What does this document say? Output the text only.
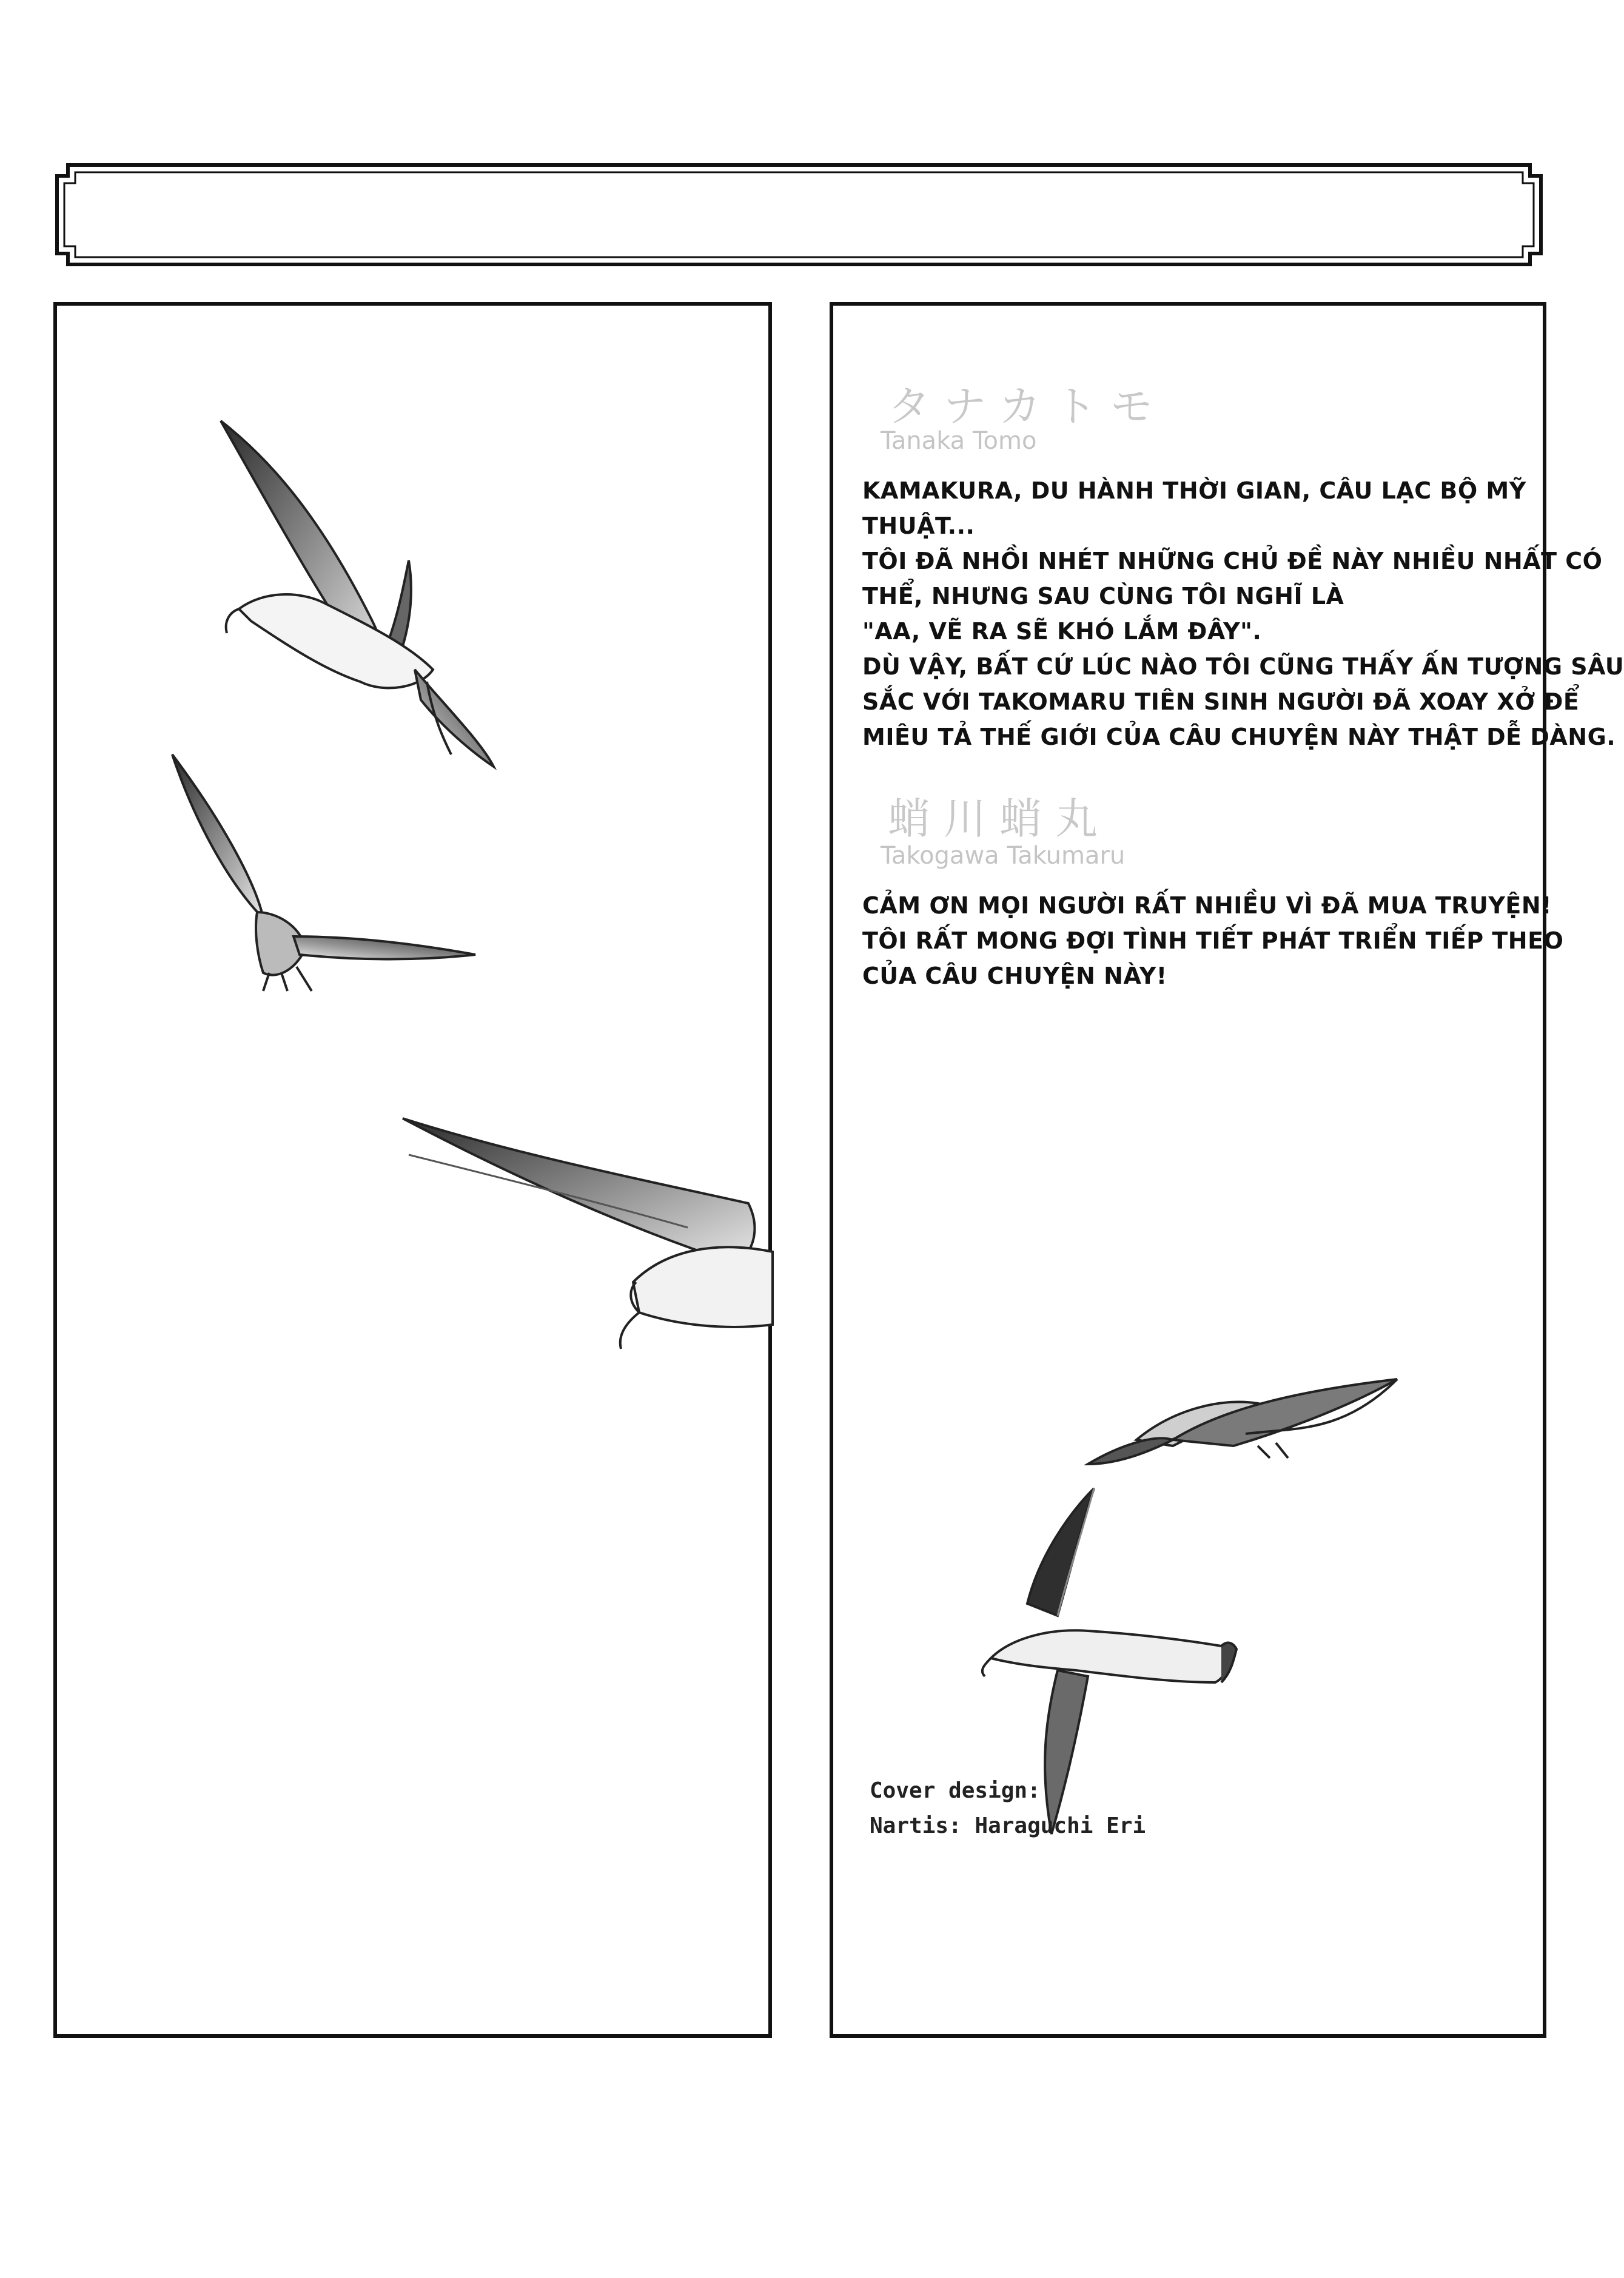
タナカトモ
Tanaka Tomo
KAMAKURA, DU HÀNH THỜI GIAN, CÂU LẠC BỘ MỸ
THUẬT...
TÔI ĐÃ NHỒI NHÉT NHỮNG CHỦ ĐỀ NÀY NHIỀU NHẤT CÓ
THỂ, NHƯNG SAU CÙNG TÔI NGHĨ LÀ
"AA, VẼ RA SẼ KHÓ LẮM ĐÂY".
DÙ VẬY, BẤT CỨ LÚC NÀO TÔI CŨNG THẤY ẤN TƯỢNG SÂU
SẮC VỚI TAKOMARU TIÊN SINH NGƯỜI ĐÃ XOAY XỞ ĐỂ
MIÊU TẢ THẾ GIỚI CỦA CÂU CHUYỆN NÀY THẬT DỄ DÀNG.
蛸川蛸丸
Takogawa Takumaru
CẢM ƠN MỌI NGƯỜI RẤT NHIỀU VÌ ĐÃ MUA TRUYỆN!
TÔI RẤT MONG ĐỢI TÌNH TIẾT PHÁT TRIỂN TIẾP THEO
CỦA CÂU CHUYỆN NÀY!
Cover design:
Nartis: Haraguchi Eri
